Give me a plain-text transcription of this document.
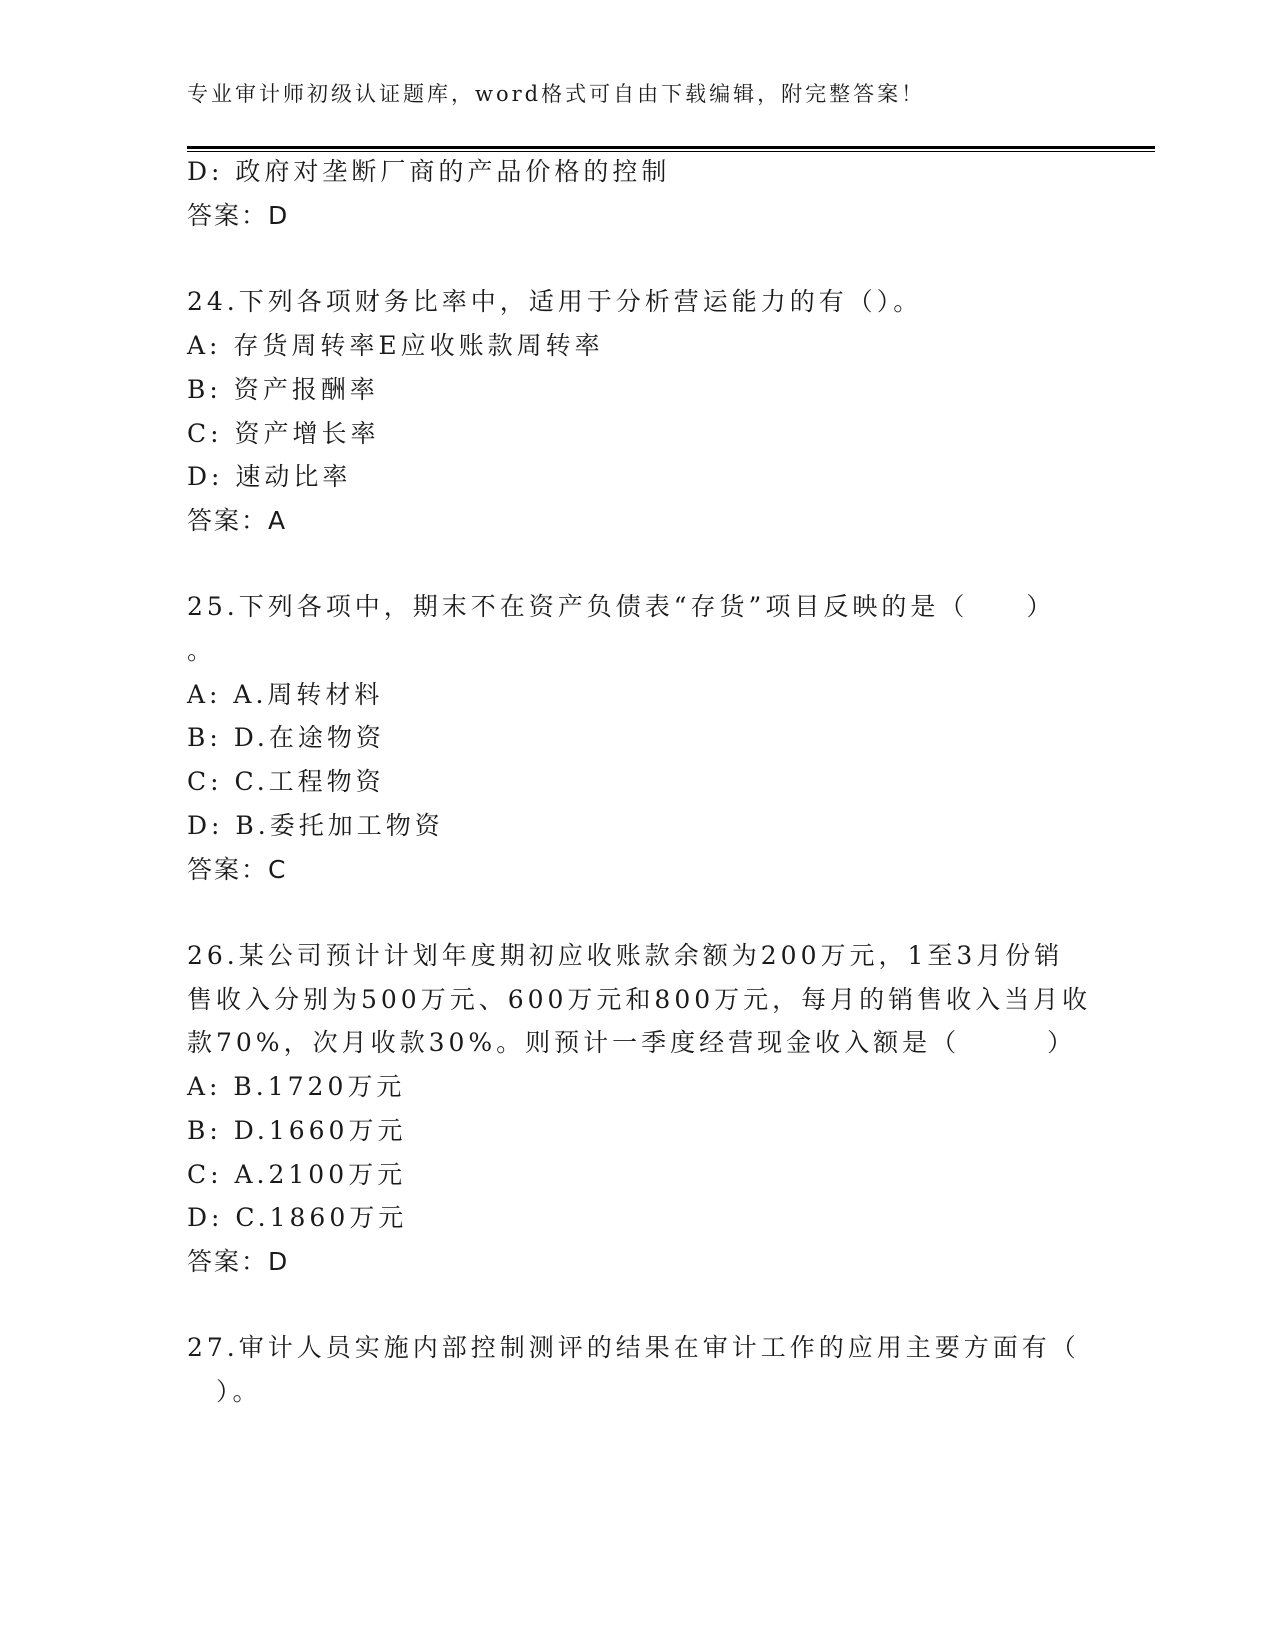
专业审计师初级认证题库，word格式可自由下载编辑，附完整答案！
D: 政府对垄断厂商的产品价格的控制
答案：D
24.下列各项财务比率中，适用于分析营运能力的有（）。
A: 存货周转率E应收账款周转率
B: 资产报酬率
C: 资产增长率
D: 速动比率
答案：A
25.下列各项中，期末不在资产负债表“存货”项目反映的是（　　）
。
A: A.周转材料
B: D.在途物资
C: C.工程物资
D: B.委托加工物资
答案：C
26.某公司预计计划年度期初应收账款余额为200万元，1至3月份销
售收入分别为500万元、600万元和800万元，每月的销售收入当月收
款70%，次月收款30%。则预计一季度经营现金收入额是（　　　）
A: B.1720万元
B: D.1660万元
C: A.2100万元
D: C.1860万元
答案：D
27.审计人员实施内部控制测评的结果在审计工作的应用主要方面有（
　）。
